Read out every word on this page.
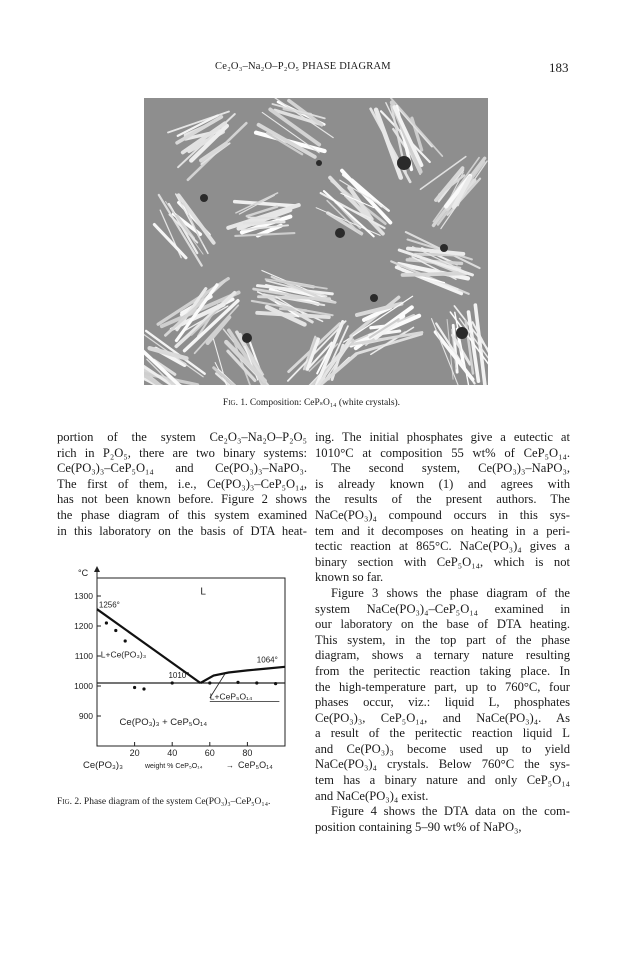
Ce₂O₃–Na₂O–P₂O₅ PHASE DIAGRAM	183
Fig. 1. Composition: CePₛO₁₄ (white crystals).
portion of the system Ce₂O₃–Na₂O–P₂O₅
rich in P₂O₅, there are two binary systems:
Ce(PO₃)₃–CeP₅O₁₄ and Ce(PO₃)₃–NaPO₃.
The first of them, i.e., Ce(PO₃)₃–CeP₅O₁₄,
has not been known before. Figure 2 shows
the phase diagram of this system examined
in this laboratory on the basis of DTA heat-
°C
900
1000
1100
1200
1300
20	40	60	80
Ce(PO₃)₃	weight % CeP₅O₁₄	→ CeP₅O₁₄
1256°
1064°
1010°
L
L+Ce(PO₃)₃
L+CeP₅O₁₄
Ce(PO₃)₃ + CeP₅O₁₄
Fig. 2. Phase diagram of the system Ce(PO₃)₃–CeP₅O₁₄.
ing. The initial phosphates give a eutectic at
1010°C at composition 55 wt% of CeP₅O₁₄.
The second system, Ce(PO₃)₃–NaPO₃,
is already known (1) and agrees with
the results of the present authors. The
NaCe(PO₃)₄ compound occurs in this sys-
tem and it decomposes on heating in a peri-
tectic reaction at 865°C. NaCe(PO₃)₄ gives a
binary section with CeP₅O₁₄, which is not
known so far.
Figure 3 shows the phase diagram of the
system NaCe(PO₃)₄–CeP₅O₁₄ examined in
our laboratory on the base of DTA heating.
This system, in the top part of the phase
diagram, shows a ternary nature resulting
from the peritectic reaction taking place. In
the high-temperature part, up to 760°C, four
phases occur, viz.: liquid L, phosphates
Ce(PO₃)₃, CeP₅O₁₄, and NaCe(PO₃)₄. As
a result of the peritectic reaction liquid L
and Ce(PO₃)₃ become used up to yield
NaCe(PO₃)₄ crystals. Below 760°C the sys-
tem has a binary nature and only CeP₅O₁₄
and NaCe(PO₃)₄ exist.
Figure 4 shows the DTA data on the com-
position containing 5–90 wt% of NaPO₃,
